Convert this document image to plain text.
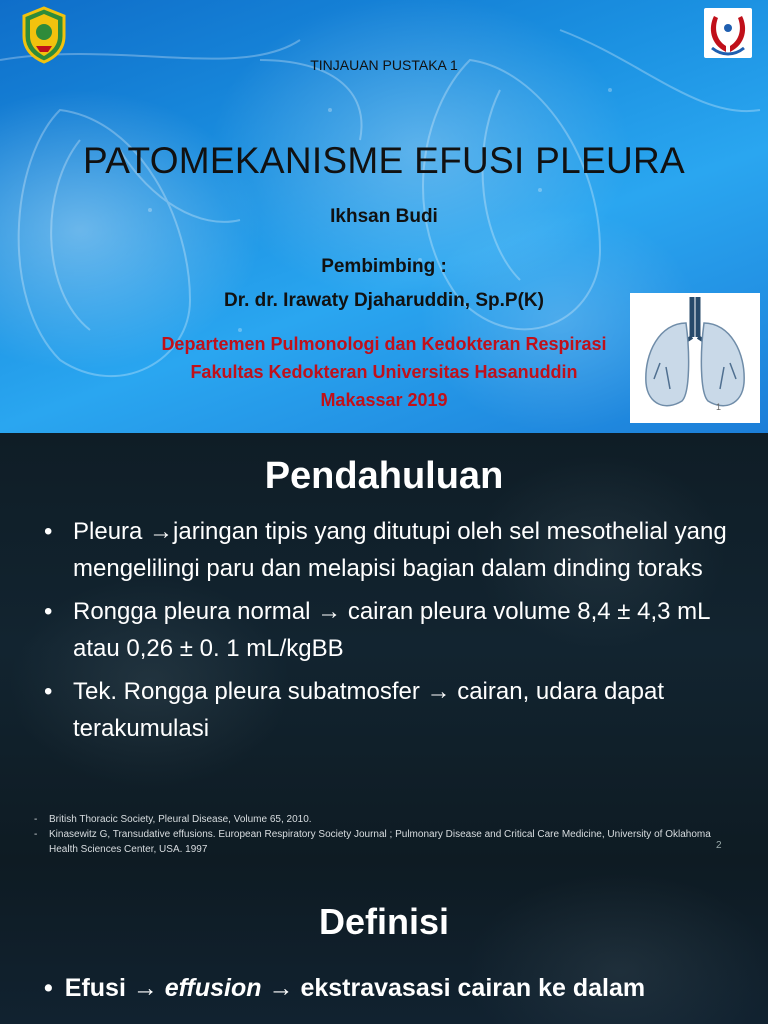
TINJAUAN PUSTAKA 1
PATOMEKANISME EFUSI PLEURA
Ikhsan Budi
Pembimbing :
Dr. dr. Irawaty Djaharuddin, Sp.P(K)
Departemen Pulmonologi dan Kedokteran Respirasi
Fakultas Kedokteran Universitas Hasanuddin
Makassar 2019	1
Pendahuluan
• Pleura →jaringan tipis yang ditutupi oleh sel mesothelial yang mengelilingi paru dan melapisi bagian dalam dinding toraks
• Rongga pleura normal → cairan pleura volume 8,4 ± 4,3 mL atau 0,26 ± 0. 1 mL/kgBB
• Tek. Rongga pleura subatmosfer → cairan, udara dapat terakumulasi
- British Thoracic Society, Pleural Disease, Volume 65, 2010.
- Kinasewitz G, Transudative effusions. European Respiratory Society Journal ; Pulmonary Disease and Critical Care Medicine, University of Oklahoma Health Sciences Center, USA. 1997	2
Definisi
• Efusi → effusion → ekstravasasi cairan ke dalam
